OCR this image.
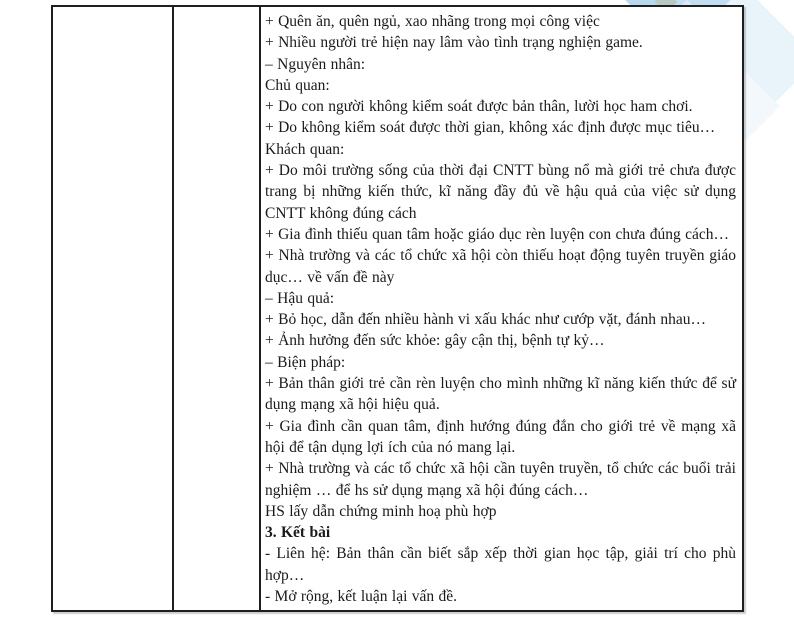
+ Quên ăn, quên ngủ, xao nhãng trong mọi công việc

+ Nhiều người trẻ hiện nay lâm vào tình trạng nghiện game.

– Nguyên nhân:

Chủ quan:

+ Do con người không kiểm soát được bản thân, lười học ham chơi.

+ Do không kiểm soát được thời gian, không xác định được mục tiêu…

Khách quan:

+ Do môi trường sống của thời đại CNTT bùng nổ mà giới trẻ chưa được trang bị những kiến thức, kĩ năng đầy đủ về hậu quả của việc sử dụng CNTT không đúng cách

+ Gia đình thiếu quan tâm hoặc giáo dục rèn luyện con chưa đúng cách…

+ Nhà trường và các tổ chức xã hội còn thiếu hoạt động tuyên truyền giáo dục… về vấn đề này

– Hậu quả:

+ Bỏ học, dẫn đến nhiều hành vi xấu khác như cướp vặt, đánh nhau…

+ Ảnh hưởng đến sức khỏe: gây cận thị, bệnh tự kỷ…

– Biện pháp:

+ Bản thân giới trẻ cần rèn luyện cho mình những kĩ năng kiến thức để sử dụng mạng xã hội hiệu quả.

+ Gia đình cần quan tâm, định hướng đúng đắn cho giới trẻ về mạng xã hội để tận dụng lợi ích của nó mang lại.

+ Nhà trường và các tổ chức xã hội cần tuyên truyền, tổ chức các buổi trải nghiệm … để hs sử dụng mạng xã hội đúng cách…

HS lấy dẫn chứng minh hoạ phù hợp

3. Kết bài

- Liên hệ: Bản thân cần biết sắp xếp thời gian học tập, giải trí cho phù hợp…

- Mở rộng, kết luận lại vấn đề.
